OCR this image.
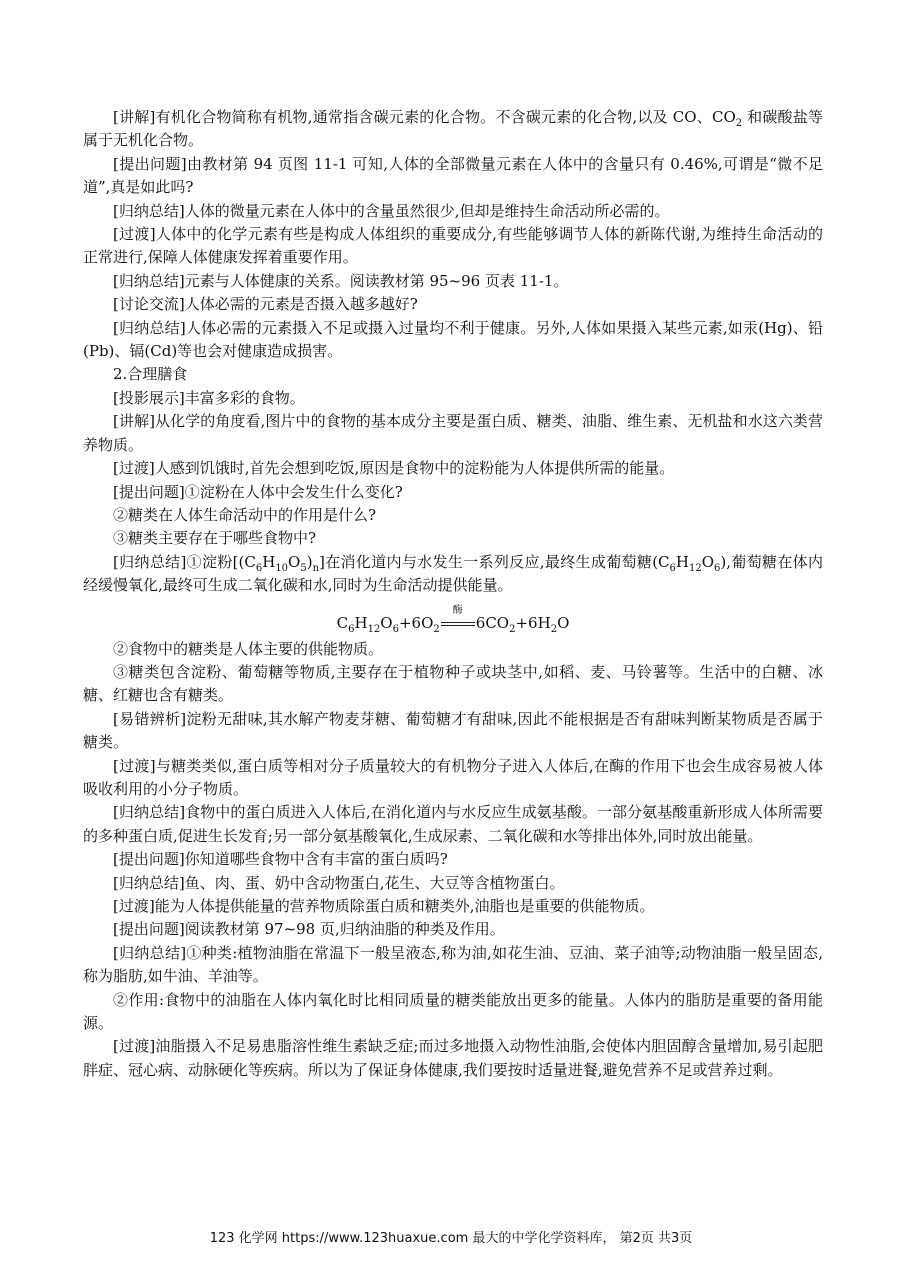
[讲解]有机化合物简称有机物,通常指含碳元素的化合物。不含碳元素的化合物,以及 CO、$CO_2$ 和碳酸盐等属于无机化合物。

[提出问题]由教材第 94 页图 11-1 可知,人体的全部微量元素在人体中的含量只有 0.46%,可谓是“微不足道”,真是如此吗?

[归纳总结]人体的微量元素在人体中的含量虽然很少,但却是维持生命活动所必需的。

[过渡]人体中的化学元素有些是构成人体组织的重要成分,有些能够调节人体的新陈代谢,为维持生命活动的正常进行,保障人体健康发挥着重要作用。

[归纳总结]元素与人体健康的关系。阅读教材第 95~96 页表 11-1。

[讨论交流]人体必需的元素是否摄入越多越好?

[归纳总结]人体必需的元素摄入不足或摄入过量均不利于健康。另外,人体如果摄入某些元素,如汞(Hg)、铅(Pb)、镉(Cd)等也会对健康造成损害。

2.合理膳食

[投影展示]丰富多彩的食物。

[讲解]从化学的角度看,图片中的食物的基本成分主要是蛋白质、糖类、油脂、维生素、无机盐和水这六类营养物质。

[过渡]人感到饥饿时,首先会想到吃饭,原因是食物中的淀粉能为人体提供所需的能量。

[提出问题]①淀粉在人体中会发生什么变化?

②糖类在人体生命活动中的作用是什么?

③糖类主要存在于哪些食物中?

[归纳总结]①淀粉$[(C_6H_{10}O_5)_n]$在消化道内与水发生一系列反应,最终生成葡萄糖$(C_6H_{12}O_6)$,葡萄糖在体内经缓慢氧化,最终可生成二氧化碳和水,同时为生命活动提供能量。

$C_6H_{12}O_6+6O_2$
酶
$6CO_2+6H_2O$

②食物中的糖类是人体主要的供能物质。

③糖类包含淀粉、葡萄糖等物质,主要存在于植物种子或块茎中,如稻、麦、马铃薯等。生活中的白糖、冰糖、红糖也含有糖类。

[易错辨析]淀粉无甜味,其水解产物麦芽糖、葡萄糖才有甜味,因此不能根据是否有甜味判断某物质是否属于糖类。

[过渡]与糖类类似,蛋白质等相对分子质量较大的有机物分子进入人体后,在酶的作用下也会生成容易被人体吸收利用的小分子物质。

[归纳总结]食物中的蛋白质进入人体后,在消化道内与水反应生成氨基酸。一部分氨基酸重新形成人体所需要的多种蛋白质,促进生长发育;另一部分氨基酸氧化,生成尿素、二氧化碳和水等排出体外,同时放出能量。

[提出问题]你知道哪些食物中含有丰富的蛋白质吗?

[归纳总结]鱼、肉、蛋、奶中含动物蛋白,花生、大豆等含植物蛋白。

[过渡]能为人体提供能量的营养物质除蛋白质和糖类外,油脂也是重要的供能物质。

[提出问题]阅读教材第 97~98 页,归纳油脂的种类及作用。

[归纳总结]①种类:植物油脂在常温下一般呈液态,称为油,如花生油、豆油、菜子油等;动物油脂一般呈固态,称为脂肪,如牛油、羊油等。

②作用:食物中的油脂在人体内氧化时比相同质量的糖类能放出更多的能量。人体内的脂肪是重要的备用能源。

[过渡]油脂摄入不足易患脂溶性维生素缺乏症;而过多地摄入动物性油脂,会使体内胆固醇含量增加,易引起肥胖症、冠心病、动脉硬化等疾病。所以为了保证身体健康,我们要按时适量进餐,避免营养不足或营养过剩。

123 化学网 https://www.123huaxue.com 最大的中学化学资料库， 第2页 共3页
